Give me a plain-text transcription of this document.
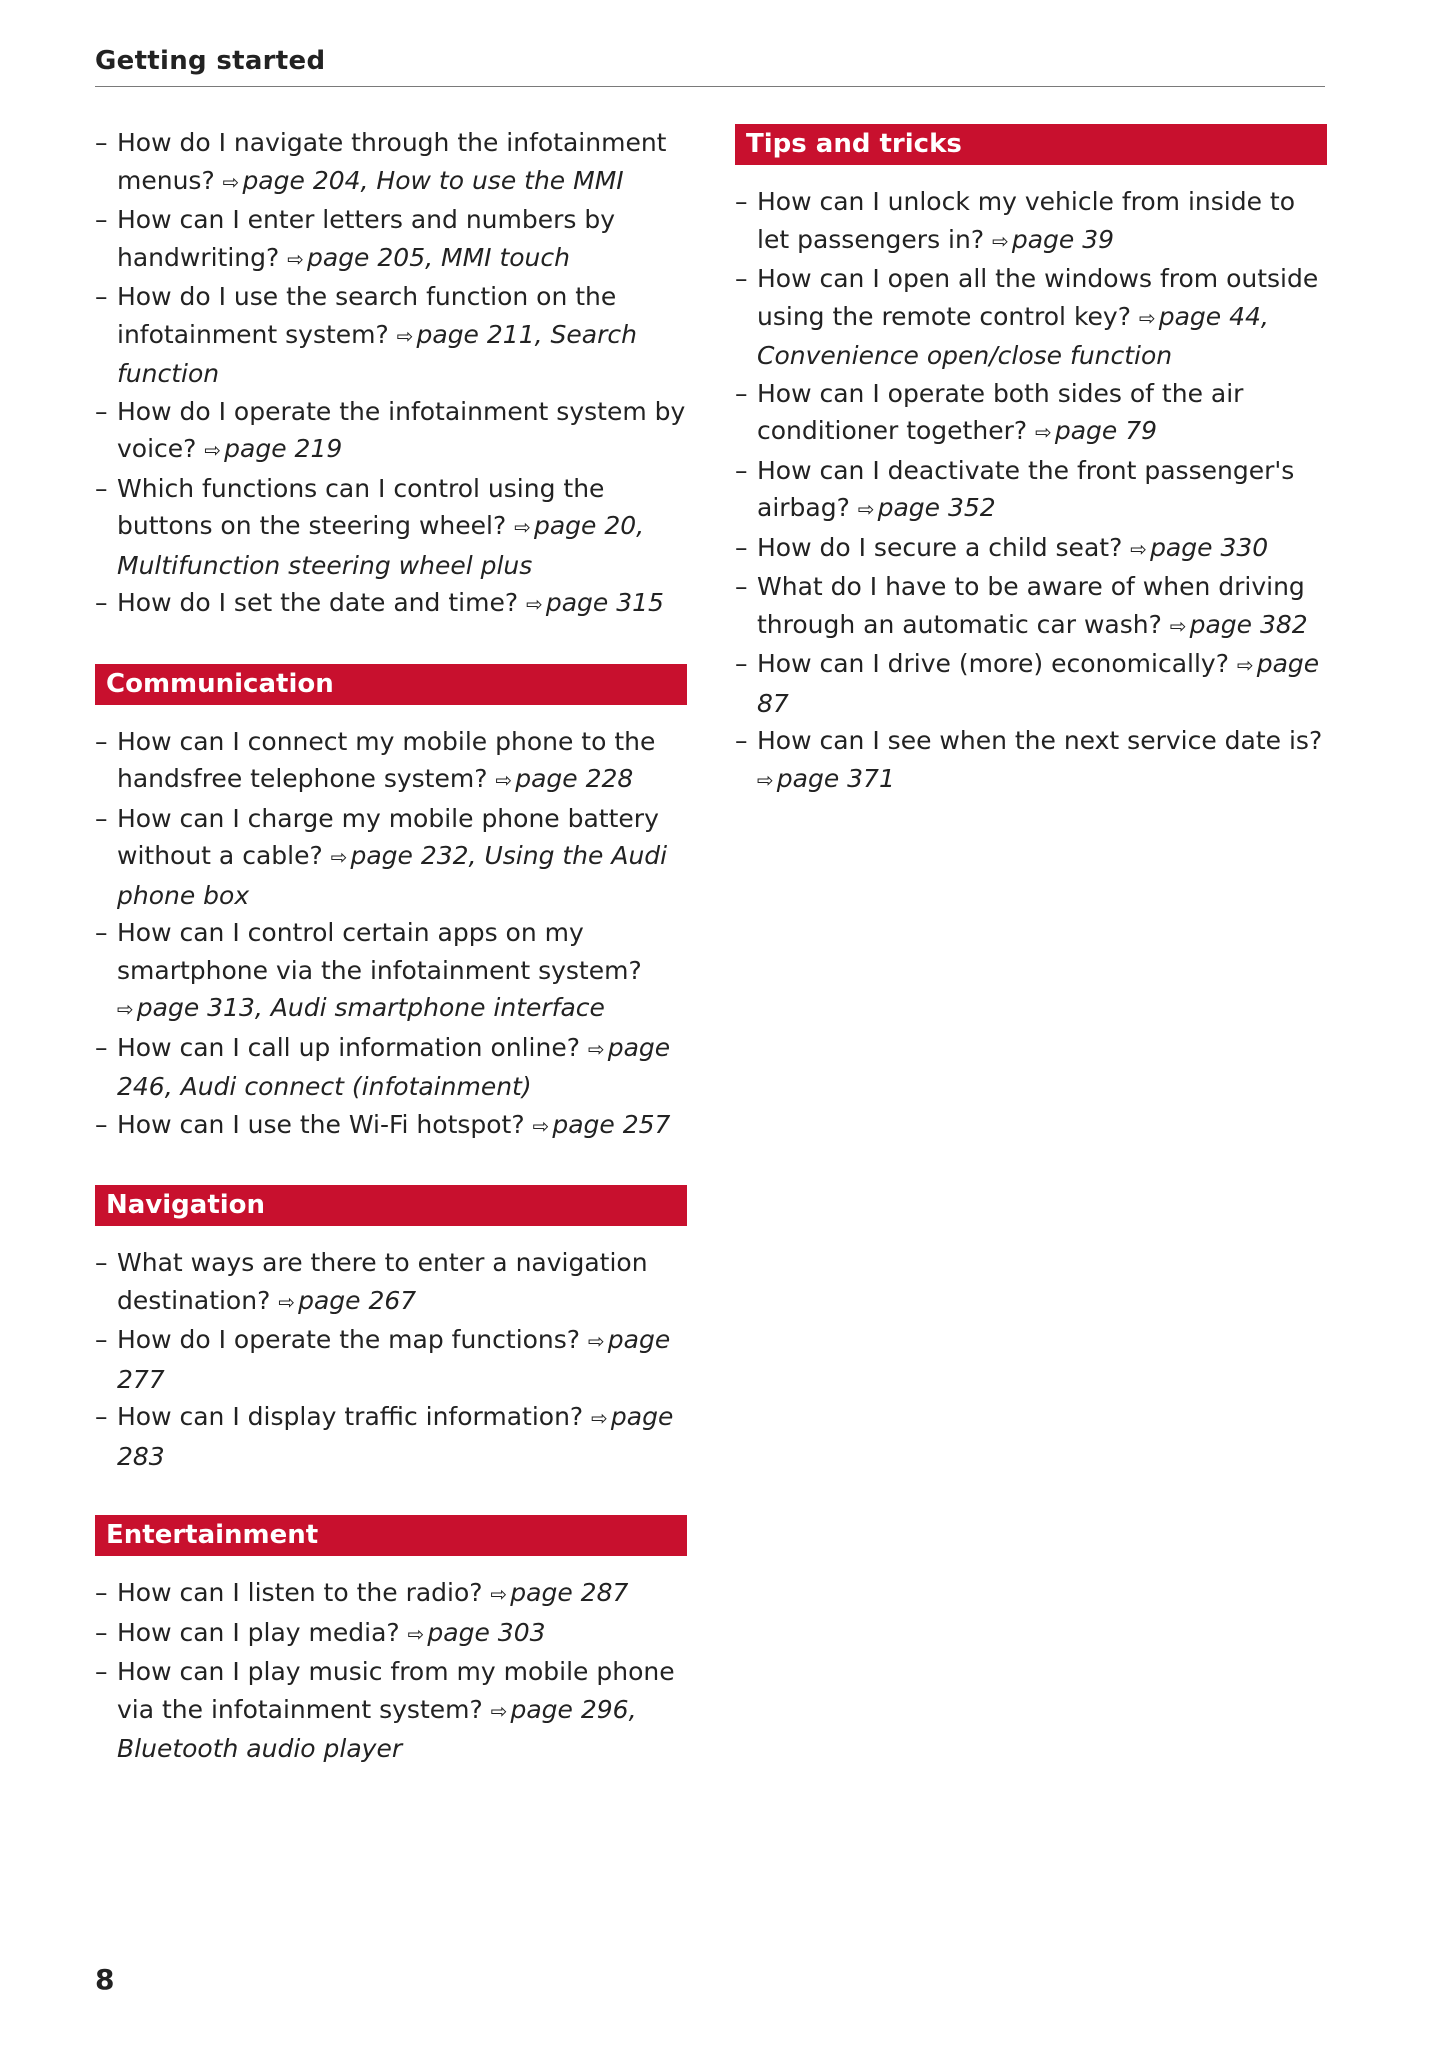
Getting started
– How do I navigate through the infotainment menus? ⇨ page 204, How to use the MMI
– How can I enter letters and numbers by handwriting? ⇨ page 205, MMI touch
– How do I use the search function on the infotainment system? ⇨ page 211, Search function
– How do I operate the infotainment system by voice? ⇨ page 219
– Which functions can I control using the buttons on the steering wheel? ⇨ page 20, Multifunction steering wheel plus
– How do I set the date and time? ⇨ page 315
Communication
– How can I connect my mobile phone to the handsfree telephone system? ⇨ page 228
– How can I charge my mobile phone battery without a cable? ⇨ page 232, Using the Audi phone box
– How can I control certain apps on my smartphone via the infotainment system? ⇨ page 313, Audi smartphone interface
– How can I call up information online? ⇨ page 246, Audi connect (infotainment)
– How can I use the Wi-Fi hotspot? ⇨ page 257
Navigation
– What ways are there to enter a navigation destination? ⇨ page 267
– How do I operate the map functions? ⇨ page 277
– How can I display traffic information? ⇨ page 283
Entertainment
– How can I listen to the radio? ⇨ page 287
– How can I play media? ⇨ page 303
– How can I play music from my mobile phone via the infotainment system? ⇨ page 296, Bluetooth audio player
Tips and tricks
– How can I unlock my vehicle from inside to let passengers in? ⇨ page 39
– How can I open all the windows from outside using the remote control key? ⇨ page 44, Convenience open/close function
– How can I operate both sides of the air conditioner together? ⇨ page 79
– How can I deactivate the front passenger's airbag? ⇨ page 352
– How do I secure a child seat? ⇨ page 330
– What do I have to be aware of when driving through an automatic car wash? ⇨ page 382
– How can I drive (more) economically? ⇨ page 87
– How can I see when the next service date is? ⇨ page 371
8
